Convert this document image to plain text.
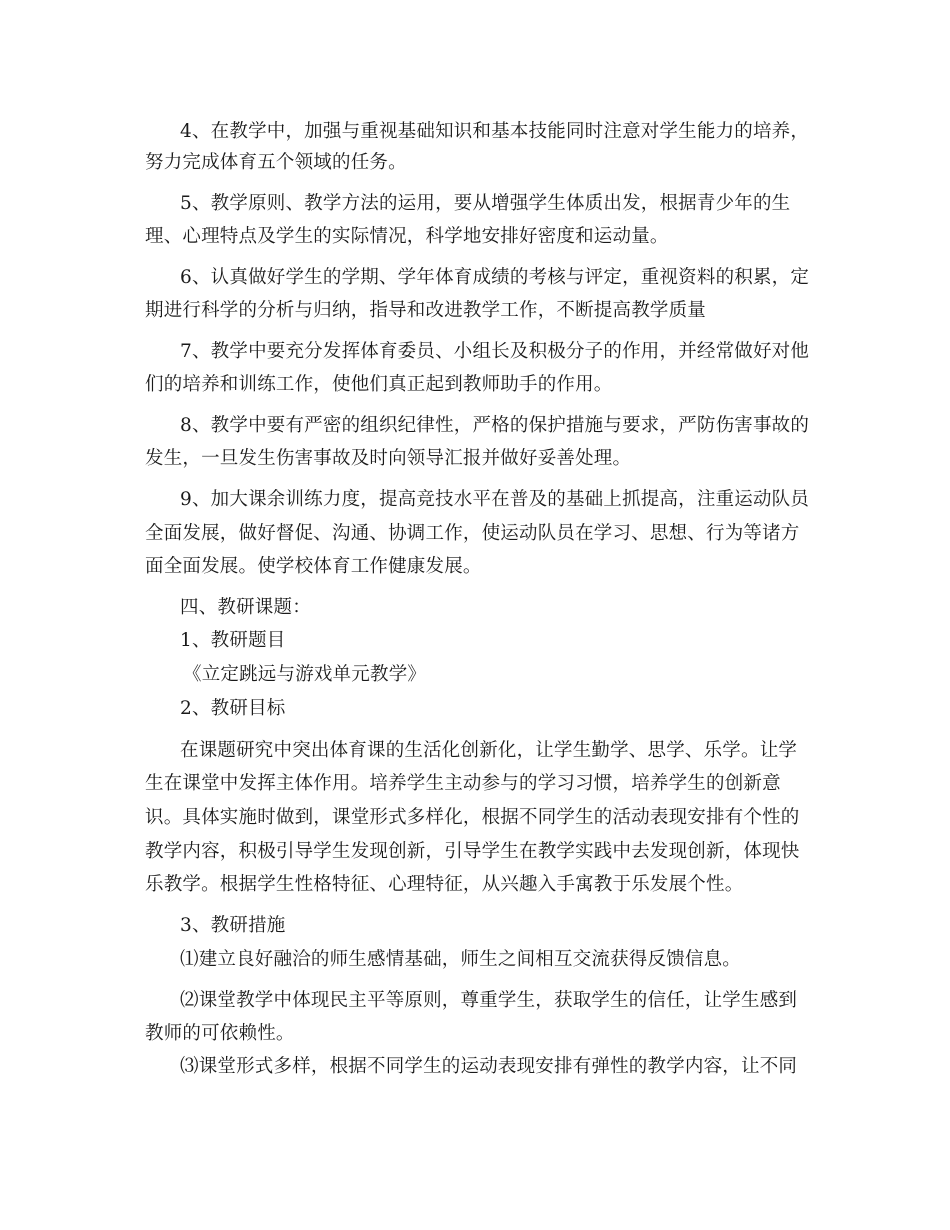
4、在教学中，加强与重视基础知识和基本技能同时注意对学生能力的培养，
努力完成体育五个领域的任务。
5、教学原则、教学方法的运用，要从增强学生体质出发，根据青少年的生
理、心理特点及学生的实际情况，科学地安排好密度和运动量。
6、认真做好学生的学期、学年体育成绩的考核与评定，重视资料的积累，定
期进行科学的分析与归纳，指导和改进教学工作，不断提高教学质量
7、教学中要充分发挥体育委员、小组长及积极分子的作用，并经常做好对他
们的培养和训练工作，使他们真正起到教师助手的作用。
8、教学中要有严密的组织纪律性，严格的保护措施与要求，严防伤害事故的
发生，一旦发生伤害事故及时向领导汇报并做好妥善处理。
9、加大课余训练力度，提高竞技水平在普及的基础上抓提高，注重运动队员
全面发展，做好督促、沟通、协调工作，使运动队员在学习、思想、行为等诸方
面全面发展。使学校体育工作健康发展。
四、教研课题：
1、教研题目
《立定跳远与游戏单元教学》
2、教研目标
在课题研究中突出体育课的生活化创新化，让学生勤学、思学、乐学。让学
生在课堂中发挥主体作用。培养学生主动参与的学习习惯，培养学生的创新意
识。具体实施时做到，课堂形式多样化，根据不同学生的活动表现安排有个性的
教学内容，积极引导学生发现创新，引导学生在教学实践中去发现创新，体现快
乐教学。根据学生性格特征、心理特征，从兴趣入手寓教于乐发展个性。
3、教研措施
⑴建立良好融洽的师生感情基础，师生之间相互交流获得反馈信息。
⑵课堂教学中体现民主平等原则，尊重学生，获取学生的信任，让学生感到
教师的可依赖性。
⑶课堂形式多样，根据不同学生的运动表现安排有弹性的教学内容，让不同
